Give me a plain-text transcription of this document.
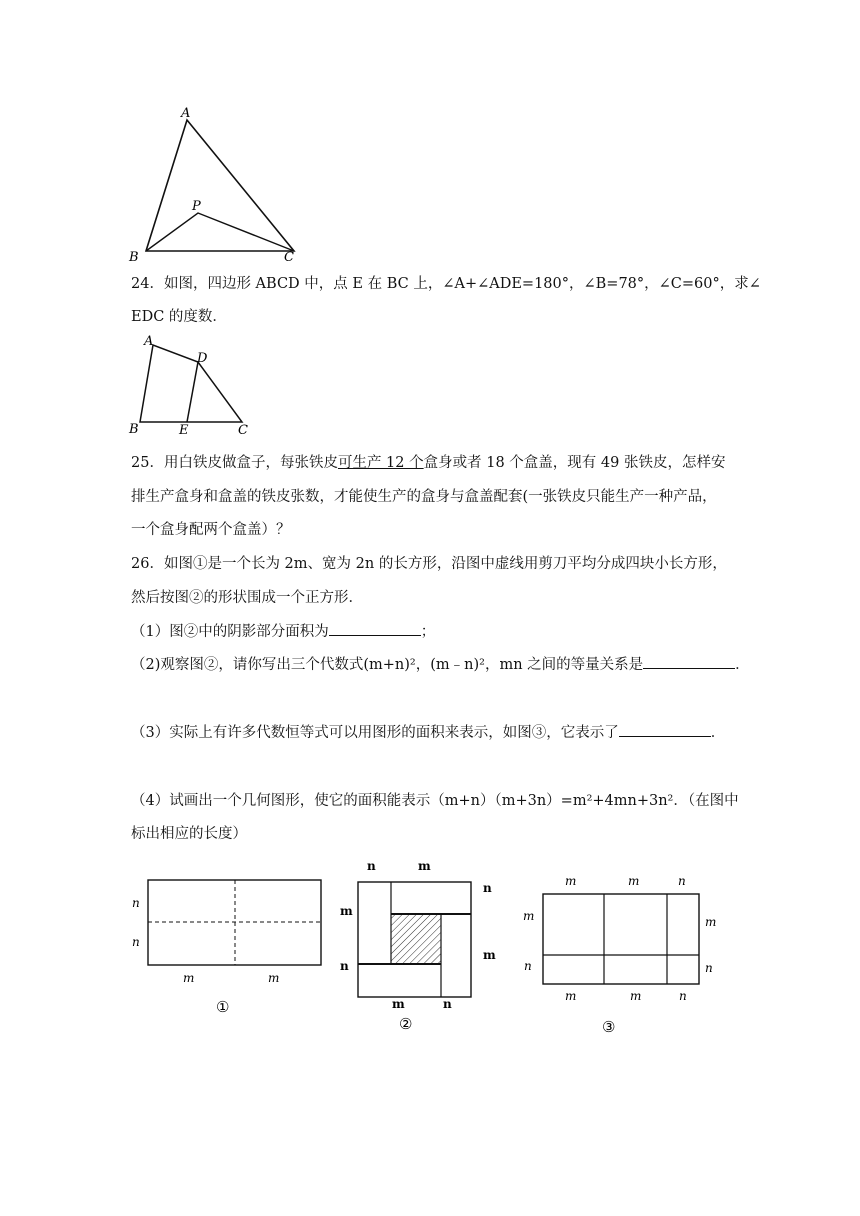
A
P
B	C
24．如图，四边形 ABCD 中，点 E 在 BC 上，∠A+∠ADE=180°，∠B=78°，∠C=60°，求∠
EDC 的度数．
A
D
B	E	C
25．用白铁皮做盒子，每张铁皮可生产 12 个盒身或者 18 个盒盖，现有 49 张铁皮，怎样安
排生产盒身和盒盖的铁皮张数，才能使生产的盒身与盒盖配套(一张铁皮只能生产一种产品，
一个盒身配两个盒盖）？
26．如图①是一个长为 2m、宽为 2n 的长方形，沿图中虚线用剪刀平均分成四块小长方形，
然后按图②的形状围成一个正方形．
（1）图②中的阴影部分面积为	；
（2)观察图②，请你写出三个代数式(m+n)²，(m﹣n)²，mn 之间的等量关系是	．
（3）实际上有许多代数恒等式可以用图形的面积来表示，如图③，它表示了	．
（4）试画出一个几何图形，使它的面积能表示（m+n）（m+3n）=m²+4mn+3n²．（在图中
标出相应的长度）
n
n
m	m
①
n	m
n
m
m
n
m	n
②
m	m	n
m
n
m
n
m	m	n
③
